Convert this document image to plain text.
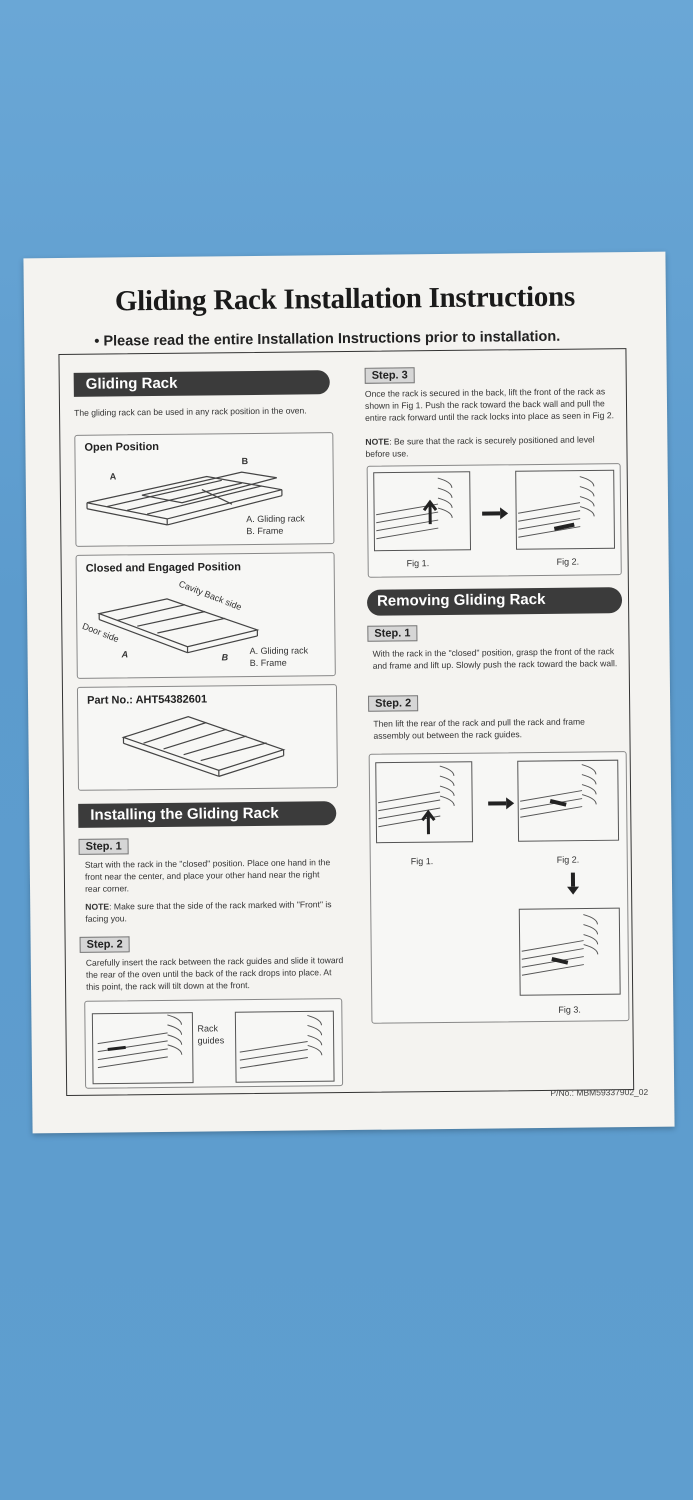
Gliding Rack Installation Instructions
• Please read the entire Installation Instructions prior to installation.
Gliding Rack
The gliding rack can be used in any rack position in the oven.
Open Position
A
B
A. Gliding rack
B. Frame
Closed and Engaged Position
Cavity Back side
Door side
A	B
A. Gliding rack
B. Frame
Part No.: AHT54382601
Installing the Gliding Rack
Step. 1
Start with the rack in the "closed" position. Place one hand in the front near the center, and place your other hand near the right rear corner.
NOTE: Make sure that the side of the rack marked with "Front" is facing you.
Step. 2
Carefully insert the rack between the rack guides and slide it toward the rear of the oven until the back of the rack drops into place. At this point, the rack will tilt down at the front.
Rack guides
Step. 3
Once the rack is secured in the back, lift the front of the rack as shown in Fig 1. Push the rack toward the back wall and pull the entire rack forward until the rack locks into place as seen in Fig 2.
NOTE: Be sure that the rack is securely positioned and level before use.
Fig 1.	Fig 2.
Removing Gliding Rack
Step. 1
With the rack in the "closed" position, grasp the front of the rack and frame and lift up. Slowly push the rack toward the back wall.
Step. 2
Then lift the rear of the rack and pull the rack and frame assembly out between the rack guides.
Fig 1.	Fig 2.
Fig 3.
P/No.: MBM59337902_02
